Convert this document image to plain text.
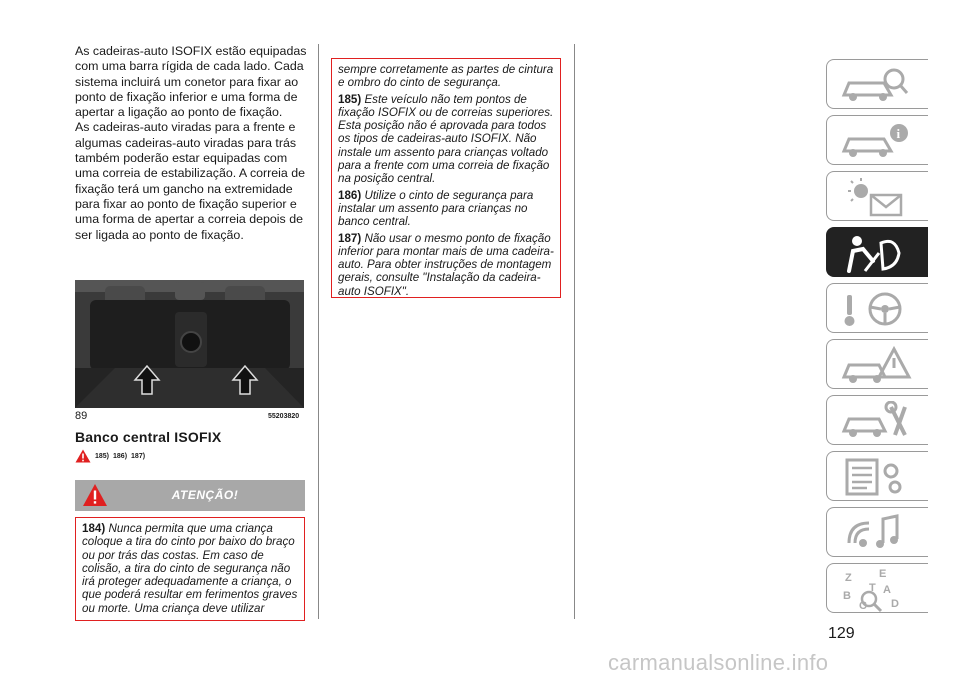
As cadeiras-auto ISOFIX estão equipadas com uma barra rígida de cada lado. Cada sistema incluirá um conetor para fixar ao ponto de fixação inferior e uma forma de apertar a ligação ao ponto de fixação.

As cadeiras-auto viradas para a frente e algumas cadeiras-auto viradas para trás também poderão estar equipadas com uma correia de estabilização. A correia de fixação terá um gancho na extremidade para fixar ao ponto de fixação superior e uma forma de apertar a correia depois de ser ligada ao ponto de fixação.

89	55203820
Banco central ISOFIX
185) 186) 187)
ATENÇÃO!

184) Nunca permita que uma criança coloque a tira do cinto por baixo do braço ou por trás das costas. Em caso de colisão, a tira do cinto de segurança não irá proteger adequadamente a criança, o que poderá resultar em ferimentos graves ou morte. Uma criança deve utilizar

sempre corretamente as partes de cintura e ombro do cinto de segurança.

185) Este veículo não tem pontos de fixação ISOFIX ou de correias superiores. Esta posição não é aprovada para todos os tipos de cadeiras-auto ISOFIX. Não instale um assento para crianças voltado para a frente com uma correia de fixação na posição central.

186) Utilize o cinto de segurança para instalar um assento para crianças no banco central.

187) Não usar o mesmo ponto de fixação inferior para montar mais de uma cadeira-auto. Para obter instruções de montagem gerais, consulte "Instalação da cadeira-auto ISOFIX".

i
Z E
B	A
C D
T
129
carmanualsonline.info
